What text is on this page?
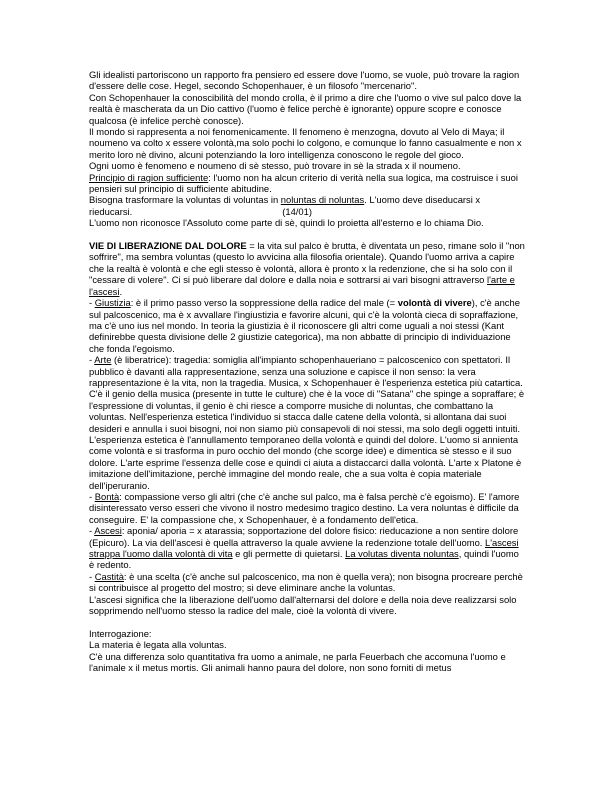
Gli idealisti partoriscono un rapporto fra pensiero ed essere dove l'uomo, se vuole, può trovare la ragion d'essere delle cose. Hegel, secondo Schopenhauer, è un filosofo "mercenario".
Con Schopenhauer la conoscibilità del mondo crolla, è il primo a dire che l'uomo o vive sul palco dove la realtà è mascherata da un Dio cattivo (l'uomo è felice perchè è ignorante) oppure scopre e conosce qualcosa (è infelice perchè conosce).
Il mondo si rappresenta a noi fenomenicamente. Il fenomeno è menzogna, dovuto al Velo di Maya; il noumeno va colto x essere volontà,ma solo pochi lo colgono, e comunque lo fanno casualmente e non x merito loro nè divino, alcuni potenziando la loro intelligenza conoscono le regole del gioco.
Ogni uomo è fenomeno e noumeno di sè stesso, può trovare in sè la strada x il noumeno.
Principio di ragion sufficiente: l'uomo non ha alcun criterio di verità nella sua logica, ma costruisce i suoi pensieri sul principio di sufficiente abitudine.
Bisogna trasformare la voluntas di voluntas in noluntas di noluntas. L'uomo deve diseducarsi x rieducarsi.	(14/01)
L'uomo non riconosce l'Assoluto come parte di sè, quindi lo proietta all'esterno e lo chiama Dio.
VIE DI LIBERAZIONE DAL DOLORE = la vita sul palco è brutta, è diventata un peso, rimane solo il "non soffrire", ma sembra voluntas (questo lo avvicina alla filosofia orientale). Quando l'uomo arriva a capire che la realtà è volontà e che egli stesso è volontà, allora è pronto x la redenzione, che si ha solo con il "cessare di volere". Ci si può liberare dal dolore e dalla noia e sottrarsi ai vari bisogni attraverso l'arte e l'ascesi.
- Giustizia: è il primo passo verso la soppressione della radice del male (= volontà di vivere), c'è anche sul palcoscenico, ma è x avvallare l'ingiustizia e favorire alcuni, qui c'è la volontà cieca di sopraffazione, ma c'è uno ius nel mondo. In teoria la giustizia è il riconoscere gli altri come uguali a noi stessi (Kant definirebbe questa divisione delle 2 giustizie categorica), ma non abbatte di principio di individuazione che fonda l'egoismo.
- Arte (è liberatrice): tragedia: somiglia all'impianto schopenhaueriano = palcoscenico con spettatori. Il pubblico è davanti alla rappresentazione, senza una soluzione e capisce il non senso: la vera rappresentazione è la vita, non la tragedia. Musica, x Schopenhauer è l'esperienza estetica più catartica. C'è il genio della musica (presente in tutte le culture) che è la voce di "Satana" che spinge a sopraffare; è l'espressione di voluntas, il genio è chi riesce a comporre musiche di noluntas, che combattano la voluntas. Nell'esperienza estetica l'individuo si stacca dalle catene della volontà, si allontana dai suoi desideri e annulla i suoi bisogni, noi non siamo più consapevoli di noi stessi, ma solo degli oggetti intuiti. L'esperienza estetica è l'annullamento temporaneo della volontà e quindi del dolore. L'uomo si annienta come volontà e si trasforma in puro occhio del mondo (che scorge idee) e dimentica sè stesso e il suo dolore. L'arte esprime l'essenza delle cose e quindi ci aiuta a distaccarci dalla volontà. L'arte x Platone è imitazione dell'imitazione, perchè immagine del mondo reale, che a sua volta è copia materiale dell'iperuranio.
- Bontà: compassione verso gli altri (che c'è anche sul palco, ma è falsa perchè c'è egoismo). E' l'amore disinteressato verso esseri che vivono il nostro medesimo tragico destino. La vera noluntas è difficile da conseguire. E' la compassione che, x Schopenhauer, è a fondamento dell'etica.
- Ascesi: aponia/ aporia = x atarassia; sopportazione del dolore fisico: rieducazione a non sentire dolore (Epicuro). La via dell'ascesi è quella attraverso la quale avviene la redenzione totale dell'uomo. L'ascesi strappa l'uomo dalla volontà di vita e gli permette di quietarsi. La volutas diventa noluntas, quindi l'uomo è redento.
- Castità: è una scelta (c'è anche sul palcoscenico, ma non è quella vera); non bisogna procreare perchè si contribuisce al progetto del mostro; si deve eliminare anche la voluntas.
L'ascesi significa che la liberazione dell'uomo dall'alternarsi del dolore e della noia deve realizzarsi solo sopprimendo nell'uomo stesso la radice del male, cioè la volontà di vivere.
Interrogazione:
La materia è legata alla voluntas.
C'è una differenza solo quantitativa fra uomo a animale, ne parla Feuerbach che accomuna l'uomo e l'animale x il metus mortis. Gli animali hanno paura del dolore, non sono forniti di metus
